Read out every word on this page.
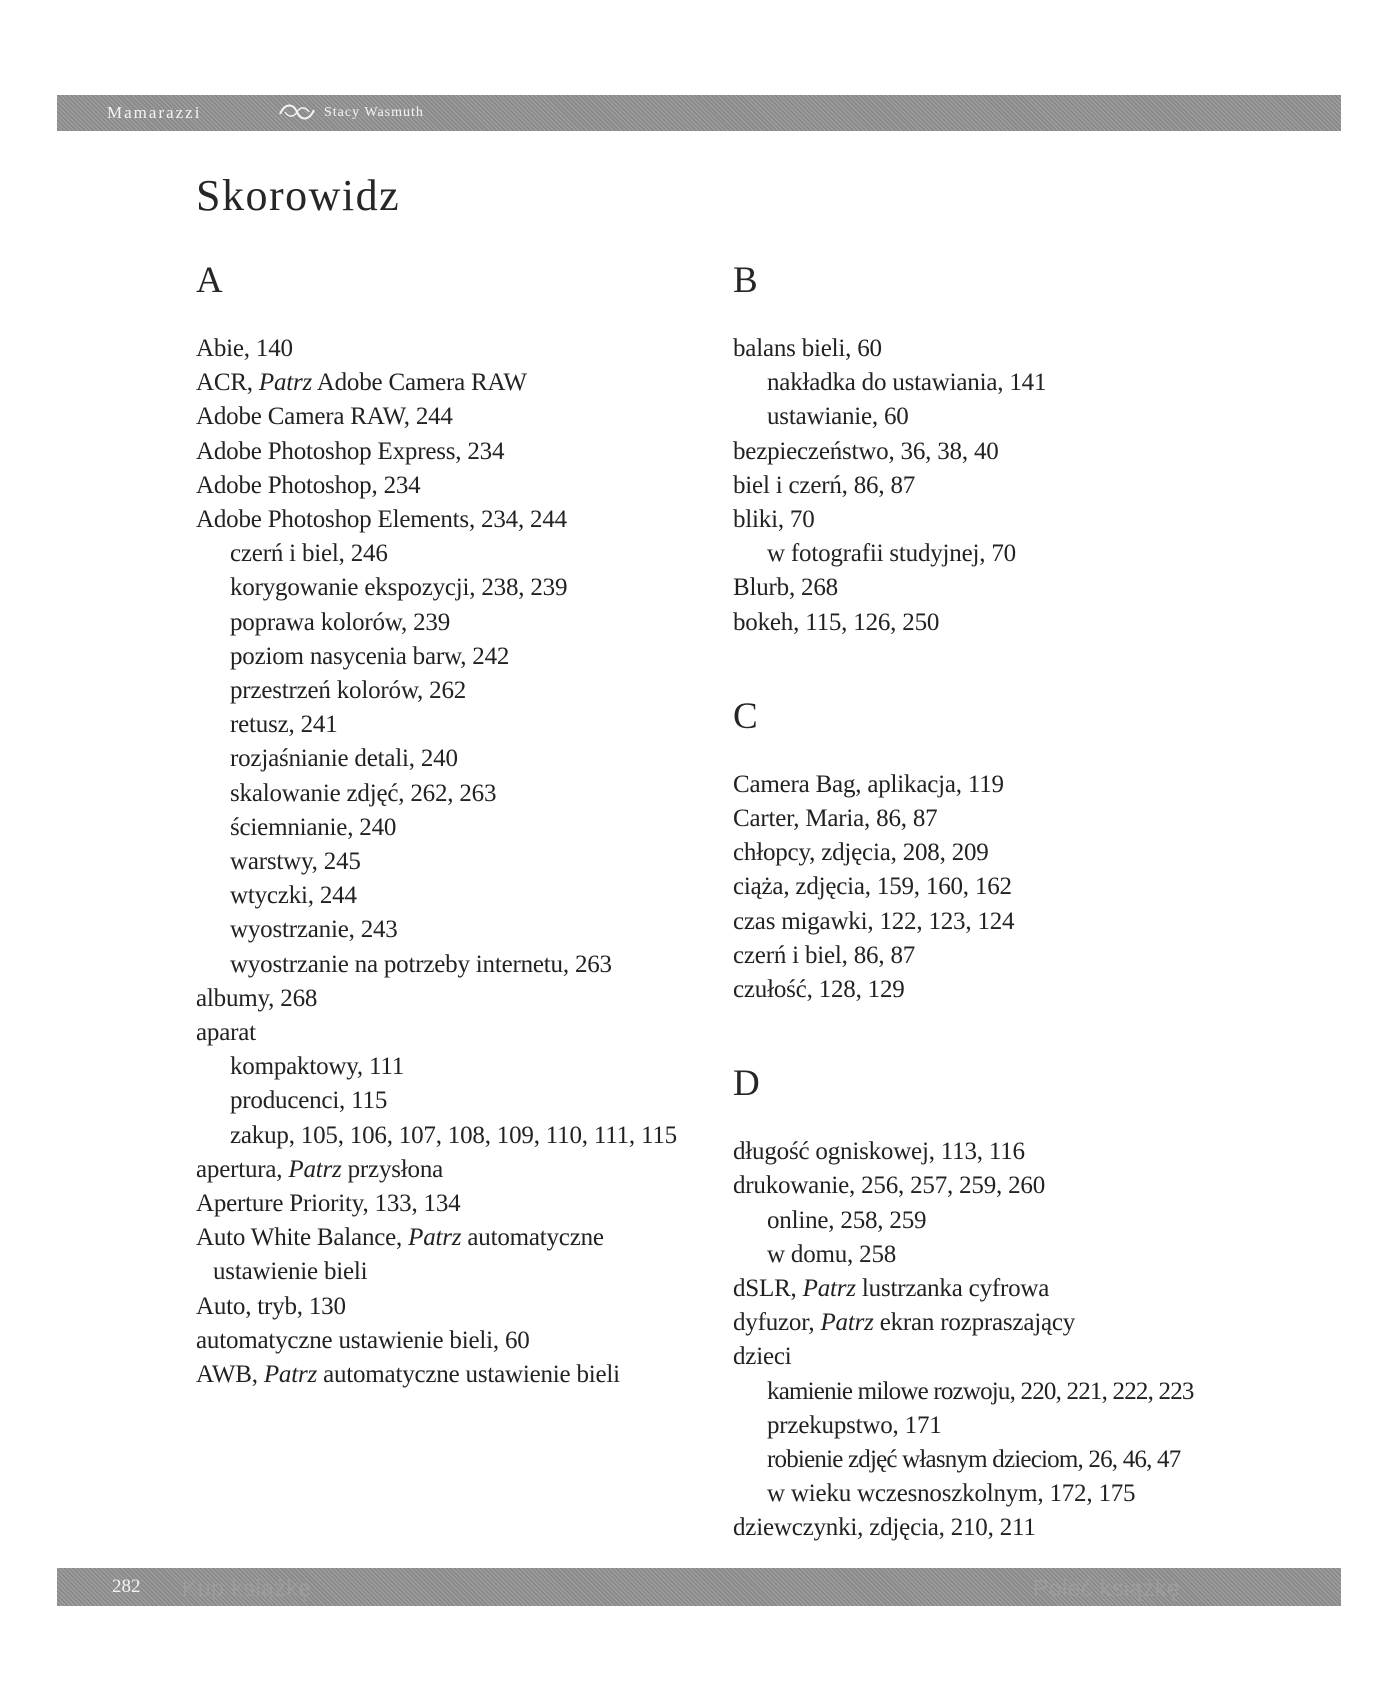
Mamarazzi	Stacy Wasmuth
Skorowidz
A
Abie, 140
ACR, Patrz Adobe Camera RAW
Adobe Camera RAW, 244
Adobe Photoshop Express, 234
Adobe Photoshop, 234
Adobe Photoshop Elements, 234, 244
czerń i biel, 246
korygowanie ekspozycji, 238, 239
poprawa kolorów, 239
poziom nasycenia barw, 242
przestrzeń kolorów, 262
retusz, 241
rozjaśnianie detali, 240
skalowanie zdjęć, 262, 263
ściemnianie, 240
warstwy, 245
wtyczki, 244
wyostrzanie, 243
wyostrzanie na potrzeby internetu, 263
albumy, 268
aparat
kompaktowy, 111
producenci, 115
zakup, 105, 106, 107, 108, 109, 110, 111, 115
apertura, Patrz przysłona
Aperture Priority, 133, 134
Auto White Balance, Patrz automatyczne ustawienie bieli
Auto, tryb, 130
automatyczne ustawienie bieli, 60
AWB, Patrz automatyczne ustawienie bieli
B
balans bieli, 60
nakładka do ustawiania, 141
ustawianie, 60
bezpieczeństwo, 36, 38, 40
biel i czerń, 86, 87
bliki, 70
w fotografii studyjnej, 70
Blurb, 268
bokeh, 115, 126, 250
C
Camera Bag, aplikacja, 119
Carter, Maria, 86, 87
chłopcy, zdjęcia, 208, 209
ciąża, zdjęcia, 159, 160, 162
czas migawki, 122, 123, 124
czerń i biel, 86, 87
czułość, 128, 129
D
długość ogniskowej, 113, 116
drukowanie, 256, 257, 259, 260
online, 258, 259
w domu, 258
dSLR, Patrz lustrzanka cyfrowa
dyfuzor, Patrz ekran rozpraszający
dzieci
kamienie milowe rozwoju, 220, 221, 222, 223
przekupstwo, 171
robienie zdjęć własnym dzieciom, 26, 46, 47
w wieku wczesnoszkolnym, 172, 175
dziewczynki, zdjęcia, 210, 211
282 Kup książkę	Poleć książkę
